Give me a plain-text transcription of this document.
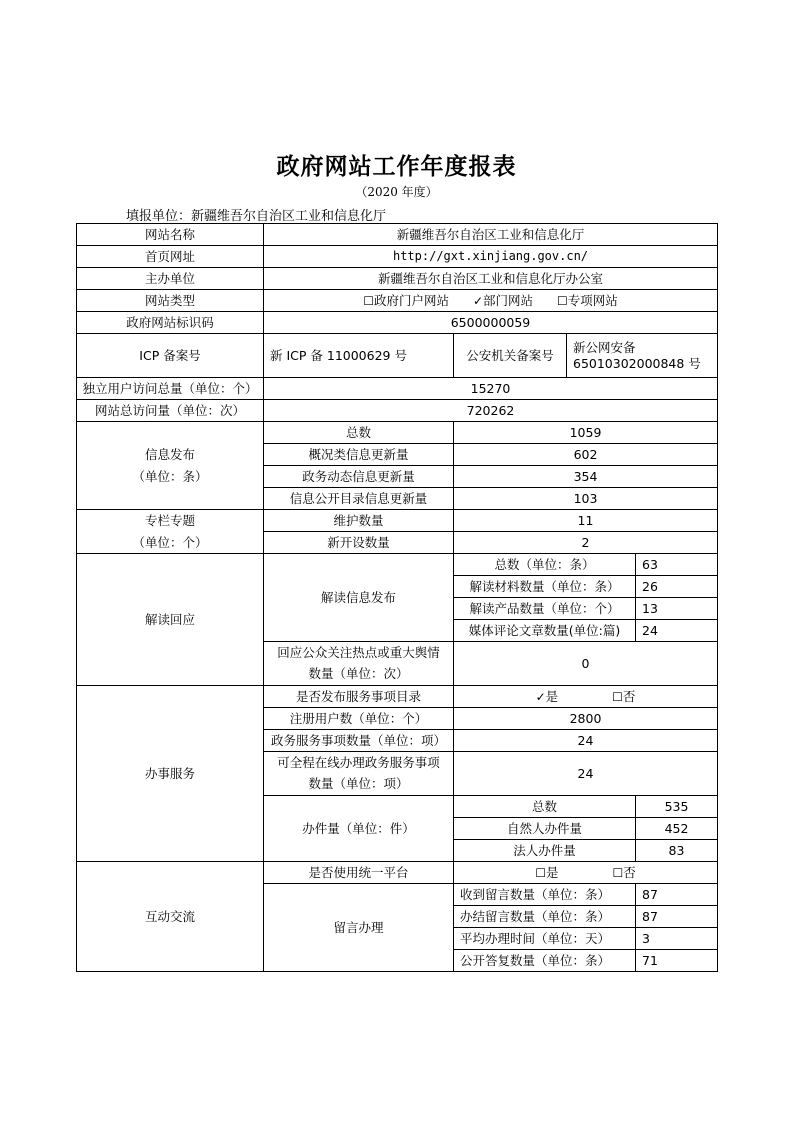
政府网站工作年度报表
（2020 年度）
填报单位：新疆维吾尔自治区工业和信息化厅
网站名称	新疆维吾尔自治区工业和信息化厅			
首页网址	http://gxt.xinjiang.gov.cn/			
主办单位	新疆维吾尔自治区工业和信息化厅办公室			
网站类型	☐政府门户网站 ✓部门网站 ☐专项网站			
政府网站标识码	6500000059			
ICP 备案号	新 ICP 备 11000629 号	公安机关备案号	新公网安备
65010302000848 号	

独立用户访问总量（单位：个）	15270			
网站总访问量（单位：次）	720262			

信息发布
（单位：条）	总数	1059		
	概况类信息更新量	602		
	政务动态信息更新量	354		
	信息公开目录信息更新量	103		

专栏专题
（单位：个）	维护数量	11		
	新开设数量	2		
解读回应	解读信息发布	总数（单位：条）		63
		解读材料数量（单位：条）		26
		解读产品数量（单位：个）		13
		媒体评论文章数量(单位:篇)		24

	回应公众关注热点或重大舆情
数量（单位：次）	0		
办事服务	是否发布服务事项目录	✓是 ☐否		
	注册用户数（单位：个）	2800		
	政务服务事项数量（单位：项）	24		

	可全程在线办理政务服务事项
数量（单位：项）	24		
	办件量（单位：件）	总数		535
		自然人办件量		452
		法人办件量		83
互动交流	是否使用统一平台	☐是 ☐否		
	留言办理	收到留言数量（单位：条）		87
		办结留言数量（单位：条）		87
		平均办理时间（单位：天）		3
		公开答复数量（单位：条）		71
